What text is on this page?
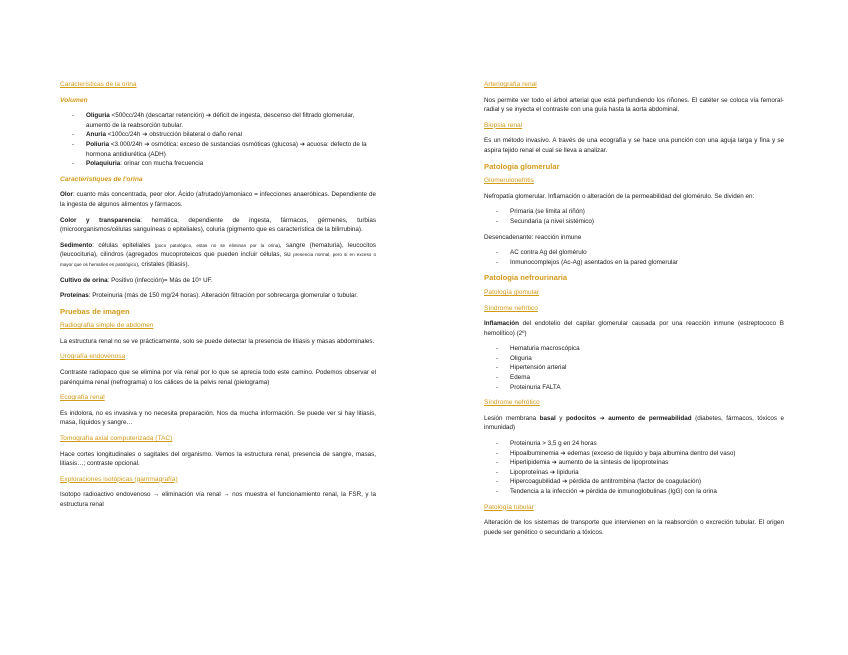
Características de la orina
Volumen
- Oliguria <500cc/24h (descartar retención) ➔ déficit de ingesta, descenso del filtrado glomerular, aumento de la reabsorción tubular.
- Anuria <100cc/24h ➔ obstrucción bilateral o daño renal
- Poliuria <3.000/24h ➔ osmótica: exceso de sustancias osmóticas (glucosa) ➔ acuosa: defecto de la hormona antidiurética (ADH)
- Polaquiuria: orinar con mucha frecuencia
Caractéristiques de l'orina

Olor: cuanto más concentrada, peor olor. Ácido (afrutado)/amoniaco = infecciones anaeróbicas. Dependiente de la ingesta de algunos alimentos y fármacos.

Color y transparencia: hemática, dependiente de ingesta, fármacos, gérmenes, turbias (microorganismos/células sanguíneas o epiteliales), coluria (pigmento que es característica de la bilirrubina).

Sedimento: células epiteliales (poco patológico, estas no se eliminan por la orina), sangre (hematuria), leucocitos (leucocituria), cilindros (agregados mucoproteicos que pueden incluir células, su presencia normal, pero si en exceso o mayor que os hematíes es patológico), cristales (litiasis).

Cultivo de orina: Positivo (infección)= Más de 10⁵ UF.

Proteínas: Proteinuria (más de 150 mg/24 horas). Alteración filtración por sobrecarga glomerular o tubular.

Pruebas de imagen
Radiografía simple de abdomen

La estructura renal no se ve prácticamente, solo se puede detectar la presencia de litiasis y masas abdominales.

Urografía endovenosa

Contraste radiopaco que se elimina por vía renal por lo que se aprecia todo este camino. Podemos observar el parénquima renal (nefrograma) o los cálices de la pelvis renal (pielograma)

Ecografía renal

Es indolora, no es invasiva y no necesita preparación. Nos da mucha información. Se puede ver si hay litiasis, masa, líquidos y sangre…

Tomografía axial computerizada (TAC)

Hace cortes longitudinales o sagitales del organismo. Vemos la estructura renal, presencia de sangre, masas, litiasis…; contraste opcional.

Exploraciones isotópicas (gammagrafía)

Isotopo radioactivo endovenoso → eliminación vía renal → nos muestra el funcionamiento renal, la FSR, y la estructura renal

Arteriografía renal

Nos permite ver todo el árbol arterial que está perfundiendo los riñones. El catéter se coloca vía femoral-radial y se inyecta el contraste con una guía hasta la aorta abdominal.

Biopsia renal

Es un método invasivo. A través de una ecografía y se hace una punción con una aguja larga y fina y se aspira tejido renal el cual se lleva a analizar.

Patologia glomerular
Glomerulonefritis

Nefropatía glomerular. Inflamación o alteración de la permeabilidad del glomérulo. Se dividen en:

- Primaria (se limita al riñón)
- Secundaria (a nivel sistémico)

Desencadenante: reacción inmune

- AC contra Ag del glomérulo
- Inmunocomplejos (Ac-Ag) asentados en la pared glomerular
Patologia nefrourinaria
Patología glomular
Síndrome nefrítico

Inflamación del endotelio del capilar glomerular causada por una reacción inmune (estreptococo B hemolítico) (2º)

- Hematuria macroscópica
- Oliguria
- Hipertensión arterial
- Edema
- Proteinuria FALTA
Síndrome nefrótico

Lesión membrana basal y podocitos ➔ aumento de permeabilidad (diabetes, fármacos, tóxicos e inmunidad)

- Proteinuria > 3,5 g en 24 horas
- Hipoalbuminemia ➔ edemas (exceso de líquido y baja albumina dentro del vaso)
- Hiperlipidemia ➔ aumento de la síntesis de lipoproteínas
- Lipoproteínas ➔ lipiduria
- Hipercoagubilidad ➔ pérdida de antitrombina (factor de coagulación)
- Tendencia a la infección ➔ pérdida de inmunoglobulinas (IgG) con la orina
Patología tubular

Alteración de los sistemas de transporte que intervienen en la reabsorción o excreción tubular. El origen puede ser genético o secundario a tóxicos.
